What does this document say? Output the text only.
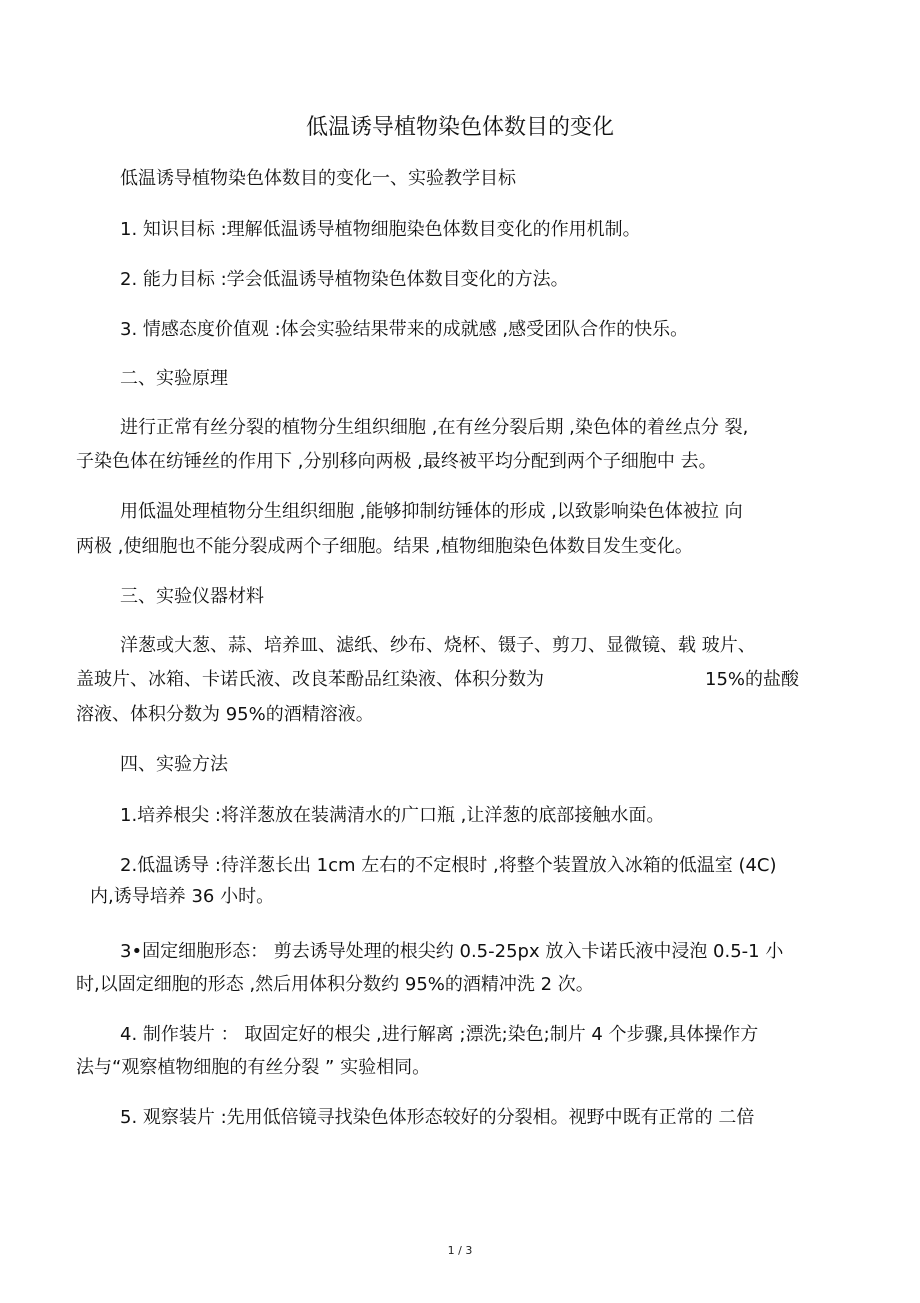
低温诱导植物染色体数目的变化

低温诱导植物染色体数目的变化一、实验教学目标

1. 知识目标 :理解低温诱导植物细胞染色体数目变化的作用机制。

2. 能力目标 :学会低温诱导植物染色体数目变化的方法。

3. 情感态度价值观 :体会实验结果带来的成就感 ,感受团队合作的快乐。

二、实验原理

进行正常有丝分裂的植物分生组织细胞 ,在有丝分裂后期 ,染色体的着丝点分 裂,

子染色体在纺锤丝的作用下 ,分别移向两极 ,最终被平均分配到两个子细胞中 去。

用低温处理植物分生组织细胞 ,能够抑制纺锤体的形成 ,以致影响染色体被拉 向

两极 ,使细胞也不能分裂成两个子细胞。结果 ,植物细胞染色体数目发生变化。

三、实验仪器材料

洋葱或大葱、蒜、培养皿、滤纸、纱布、烧杯、镊子、剪刀、显微镜、载 玻片、

盖玻片、冰箱、卡诺氏液、改良苯酚品红染液、体积分数为	15%的盐酸

溶液、体积分数为 95%的酒精溶液。

四、实验方法

1.培养根尖 :将洋葱放在装满清水的广口瓶 ,让洋葱的底部接触水面。

2.低温诱导 :待洋葱长出 1cm 左右的不定根时 ,将整个装置放入冰箱的低温室 (4C)

内,诱导培养 36 小时。

3•固定细胞形态： 剪去诱导处理的根尖约 0.5-25px 放入卡诺氏液中浸泡 0.5-1 小

时,以固定细胞的形态 ,然后用体积分数约 95%的酒精冲洗 2 次。

4. 制作装片 ： 取固定好的根尖 ,进行解离 ;漂洗;染色;制片 4 个步骤,具体操作方

法与“观察植物细胞的有丝分裂 ” 实验相同。

5. 观察装片 :先用低倍镜寻找染色体形态较好的分裂相。视野中既有正常的 二倍

1 / 3
